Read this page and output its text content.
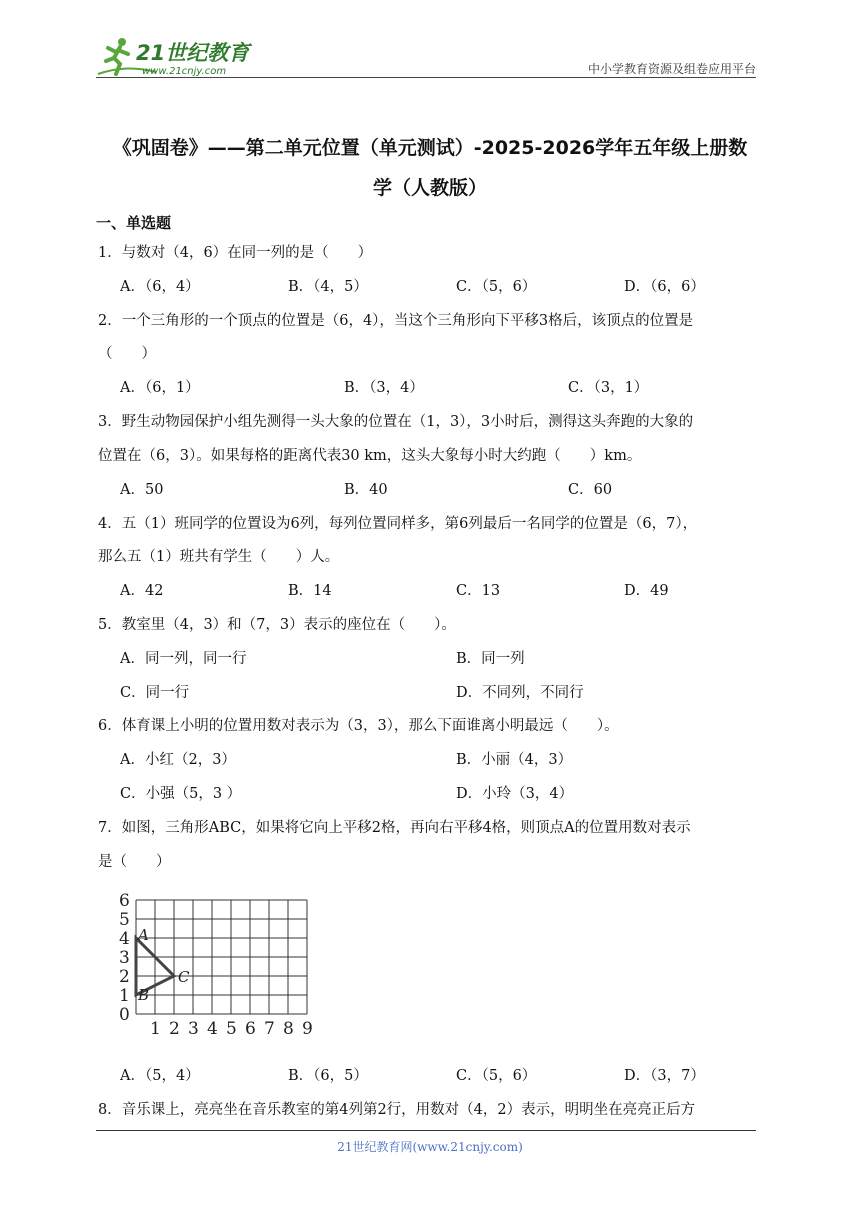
21世纪教育
www.21cnjy.com	中小学教育资源及组卷应用平台
《巩固卷》——第二单元位置（单元测试）-2025-2026学年五年级上册数
学（人教版）
一、单选题
1．与数对（4，6）在同一列的是（　　）
A．（6，4）	B．（4，5）	C．（5，6）	D．（6，6）
2．一个三角形的一个顶点的位置是（6，4），当这个三角形向下平移3格后，该顶点的位置是
（　　）
A．（6，1）	B．（3，4）	C．（3，1）
3．野生动物园保护小组先测得一头大象的位置在（1，3），3小时后，测得这头奔跑的大象的
位置在（6，3）。如果每格的距离代表30 km，这头大象每小时大约跑（　　）km。
A．50	B．40	C．60
4．五（1）班同学的位置设为6列，每列位置同样多，第6列最后一名同学的位置是（6，7），
那么五（1）班共有学生（　　）人。
A．42	B．14	C．13	D．49
5．教室里（4，3）和（7，3）表示的座位在（　　）。
A．同一列，同一行	B．同一列
C．同一行	D．不同列，不同行
6．体育课上小明的位置用数对表示为（3，3），那么下面谁离小明最远（　　）。
A．小红（2，3）	B．小丽（4，3）
C．小强（5，3 ）	D．小玲（3，4）
7．如图，三角形ABC，如果将它向上平移2格，再向右平移4格，则顶点A的位置用数对表示
是（　　）
0
1
2
3
4
5
6
1 2 3 4 5 6 7 8 9
A
B
C
A．（5，4）	B．（6，5）	C．（5，6）	D．（3，7）
8．音乐课上，亮亮坐在音乐教室的第4列第2行，用数对（4，2）表示，明明坐在亮亮正后方
21世纪教育网(www.21cnjy.com)
